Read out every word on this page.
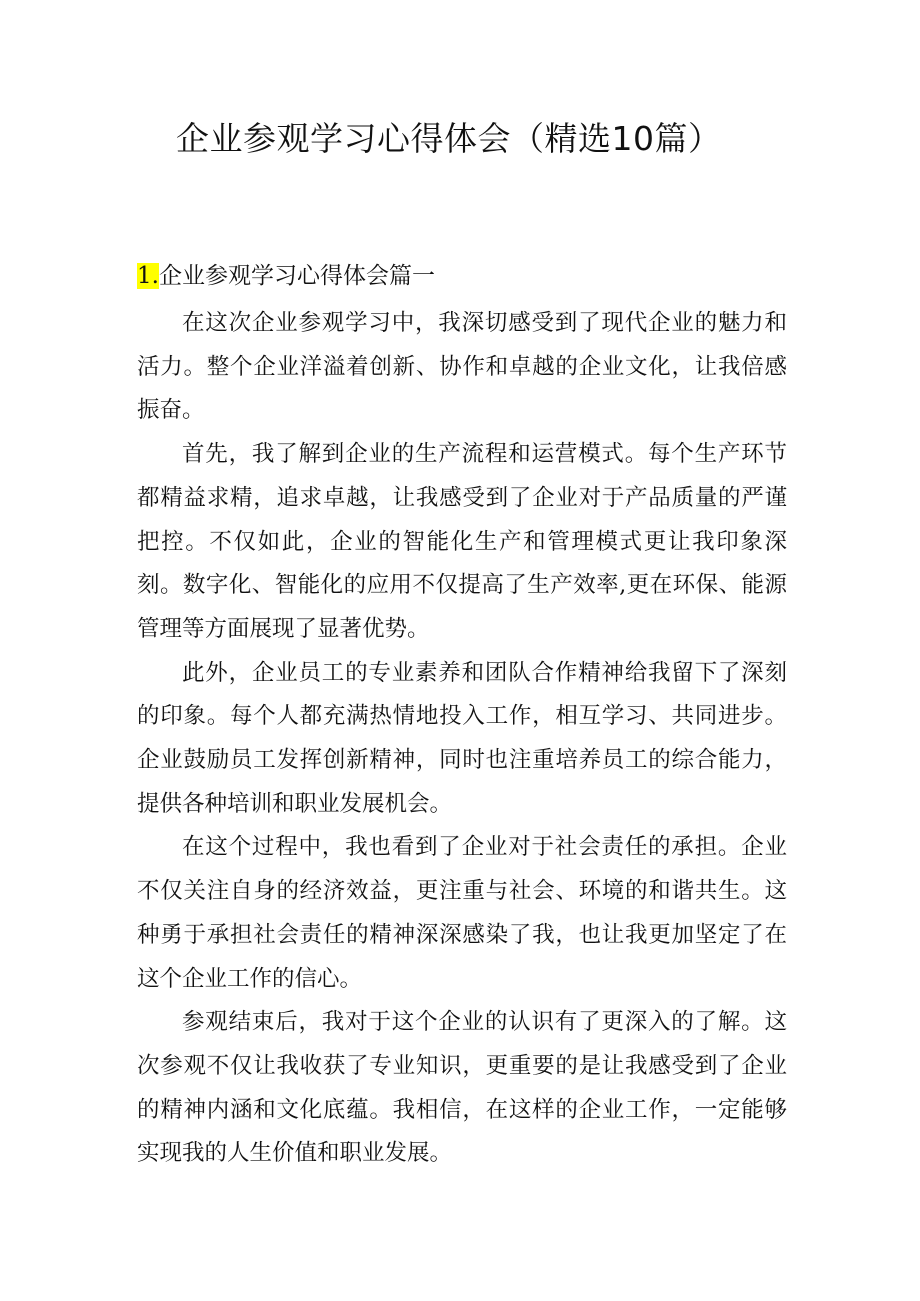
企业参观学习心得体会（精选10篇）
1.企业参观学习心得体会篇一

在这次企业参观学习中，我深切感受到了现代企业的魅力和活力。整个企业洋溢着创新、协作和卓越的企业文化，让我倍感振奋。

首先，我了解到企业的生产流程和运营模式。每个生产环节都精益求精，追求卓越，让我感受到了企业对于产品质量的严谨把控。不仅如此，企业的智能化生产和管理模式更让我印象深刻。数字化、智能化的应用不仅提高了生产效率,更在环保、能源管理等方面展现了显著优势。

此外，企业员工的专业素养和团队合作精神给我留下了深刻的印象。每个人都充满热情地投入工作，相互学习、共同进步。企业鼓励员工发挥创新精神，同时也注重培养员工的综合能力，提供各种培训和职业发展机会。

在这个过程中，我也看到了企业对于社会责任的承担。企业不仅关注自身的经济效益，更注重与社会、环境的和谐共生。这种勇于承担社会责任的精神深深感染了我，也让我更加坚定了在这个企业工作的信心。

参观结束后，我对于这个企业的认识有了更深入的了解。这次参观不仅让我收获了专业知识，更重要的是让我感受到了企业的精神内涵和文化底蕴。我相信，在这样的企业工作，一定能够实现我的人生价值和职业发展。
